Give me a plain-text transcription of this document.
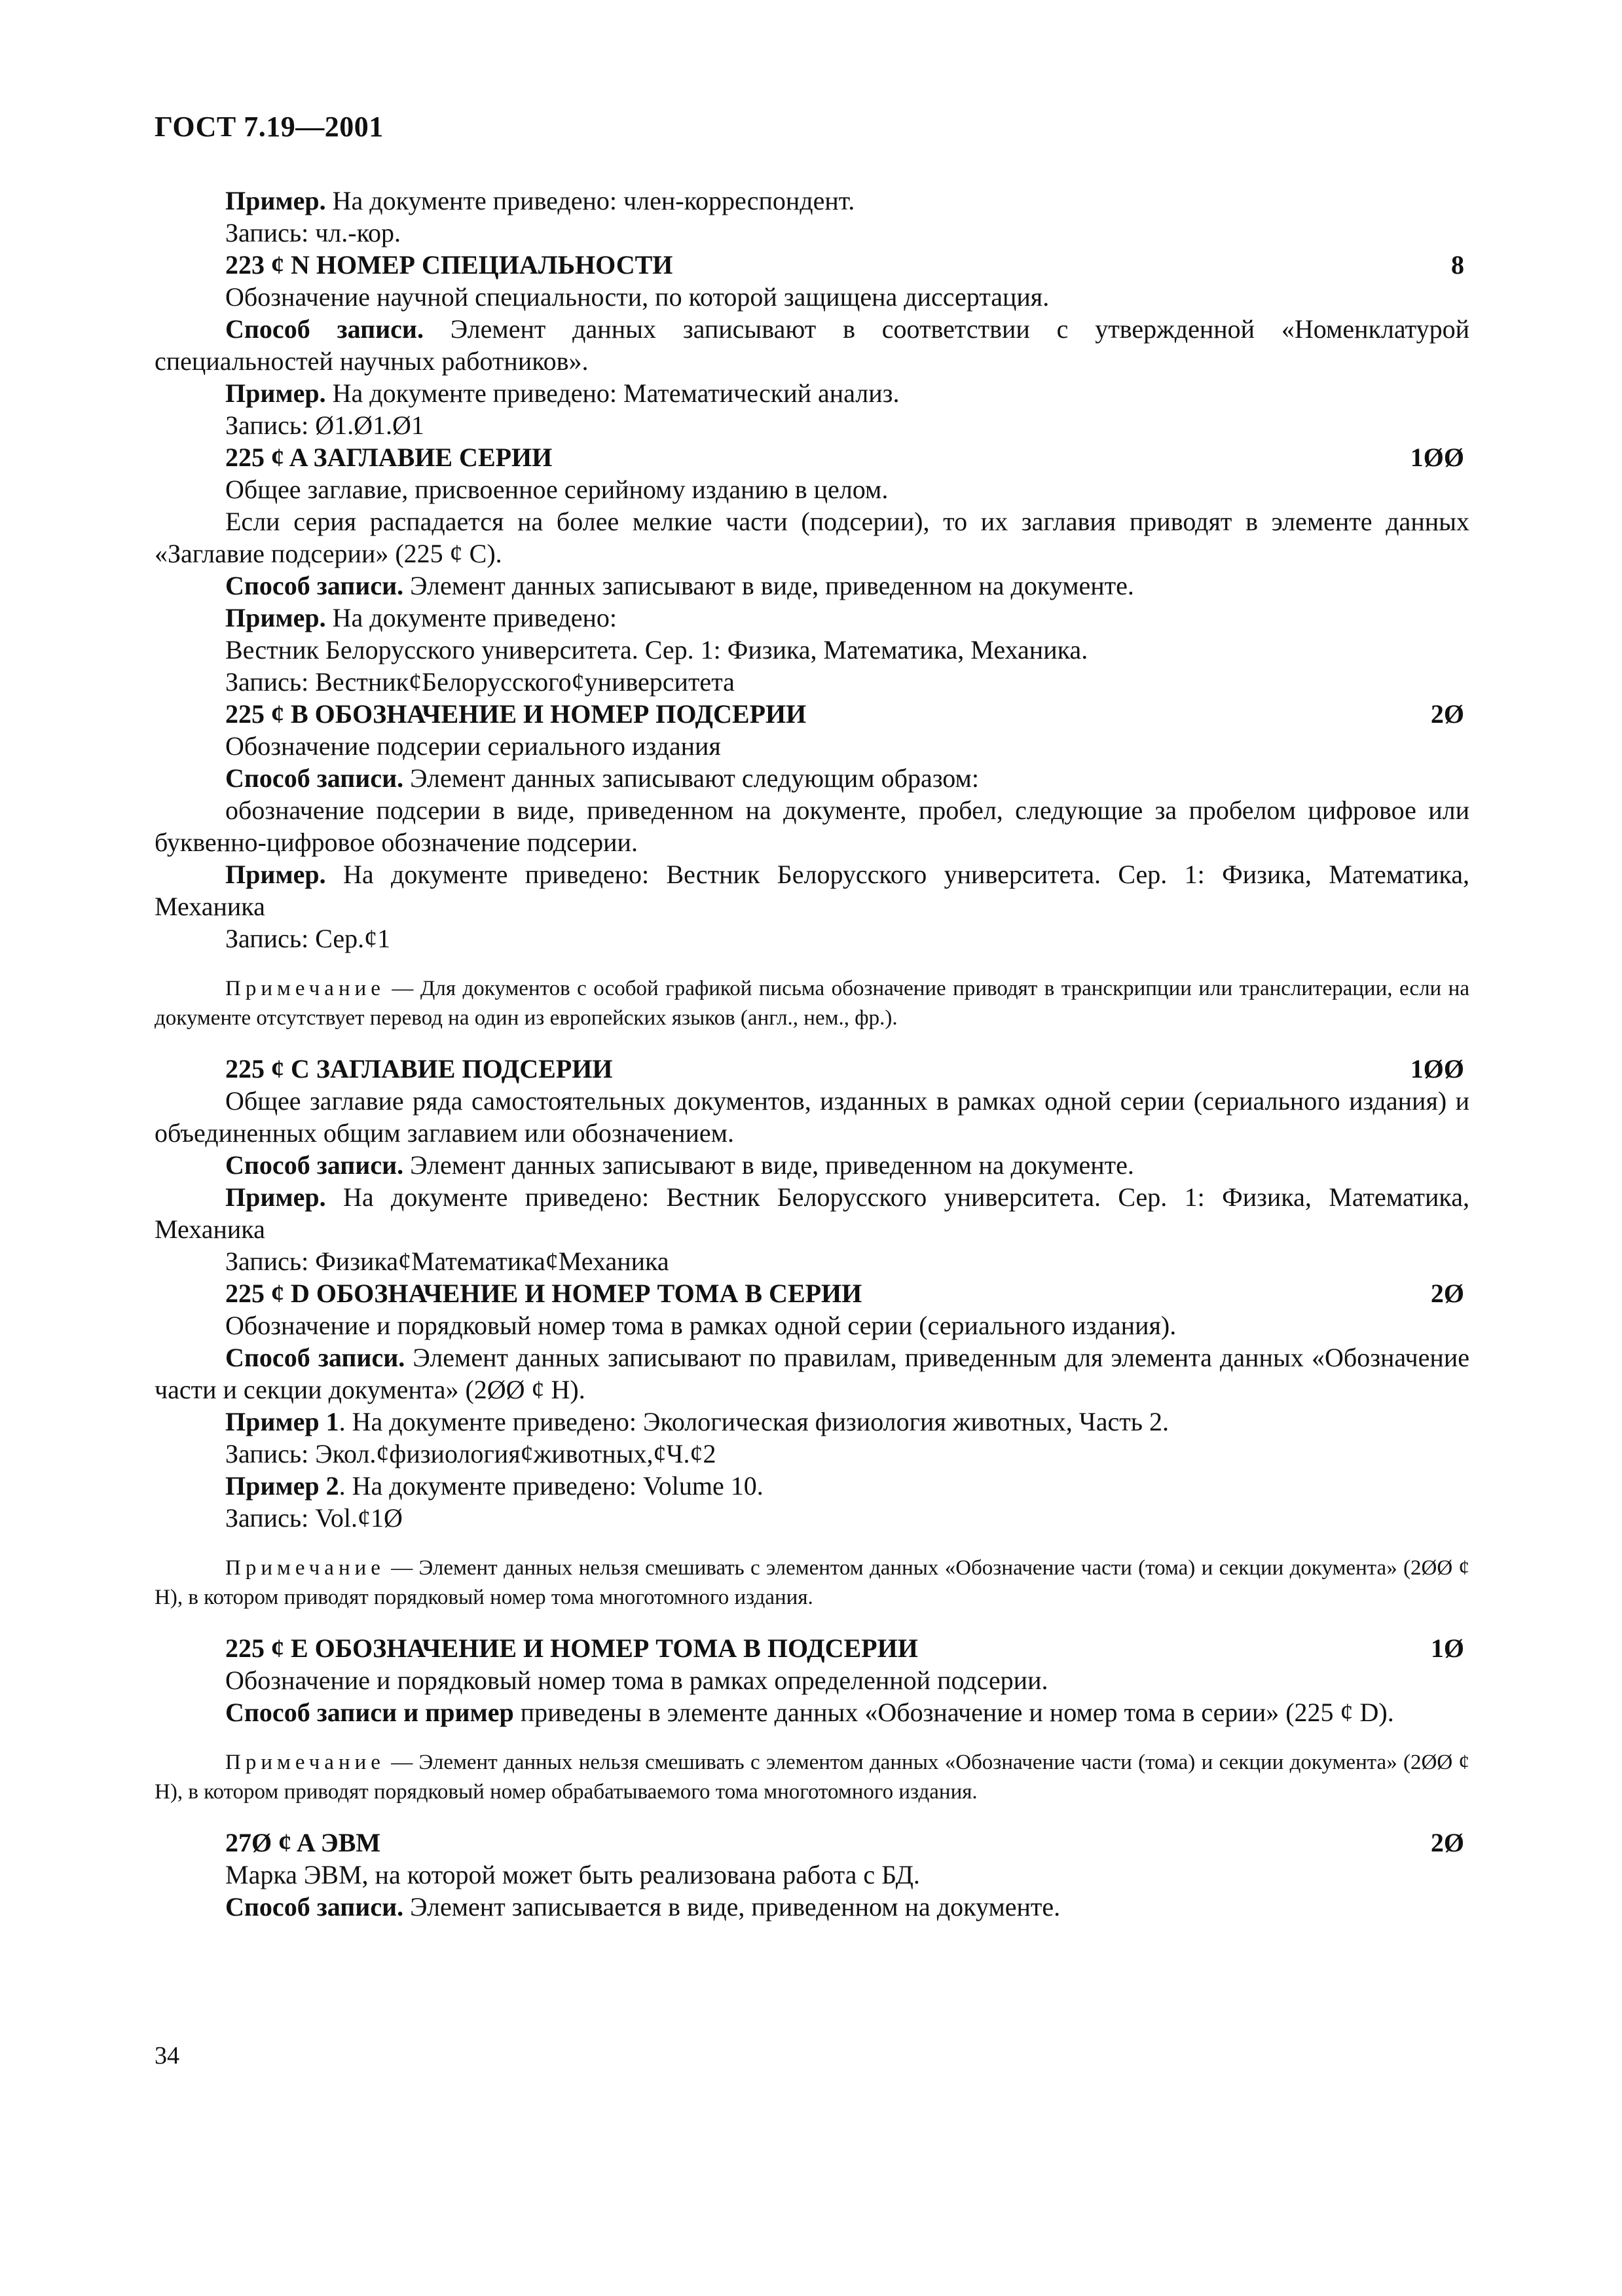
ГОСТ 7.19—2001

Пример. На документе приведено: член-корреспондент.

Запись: чл.-кор.

223 ȼ N НОМЕР СПЕЦИАЛЬНОСТИ	8

Обозначение научной специальности, по которой защищена диссертация.

Способ записи. Элемент данных записывают в соответствии с утвержденной «Номенклатурой специальностей научных работников».

Пример. На документе приведено: Математический анализ.

Запись: Ø1.Ø1.Ø1

225 ȼ A ЗАГЛАВИЕ СЕРИИ	1ØØ

Общее заглавие, присвоенное серийному изданию в целом.

Если серия распадается на более мелкие части (подсерии), то их заглавия приводят в элементе данных «Заглавие подсерии» (225 ȼ C).

Способ записи. Элемент данных записывают в виде, приведенном на документе.

Пример. На документе приведено:

Вестник Белорусского университета. Сер. 1: Физика, Математика, Механика.

Запись: ВестникȼБелорусскогоȼуниверситета

225 ȼ B ОБОЗНАЧЕНИЕ И НОМЕР ПОДСЕРИИ	2Ø

Обозначение подсерии сериального издания

Способ записи. Элемент данных записывают следующим образом:

обозначение подсерии в виде, приведенном на документе, пробел, следующие за пробелом цифровое или буквенно-цифровое обозначение подсерии.

Пример. На документе приведено: Вестник Белорусского университета. Сер. 1: Физика, Математика, Механика

Запись: Сер.ȼ1

Примечание — Для документов с особой графикой письма обозначение приводят в транскрипции или транслитерации, если на документе отсутствует перевод на один из европейских языков (англ., нем., фр.).

225 ȼ C ЗАГЛАВИЕ ПОДСЕРИИ	1ØØ

Общее заглавие ряда самостоятельных документов, изданных в рамках одной серии (сериального издания) и объединенных общим заглавием или обозначением.

Способ записи. Элемент данных записывают в виде, приведенном на документе.

Пример. На документе приведено: Вестник Белорусского университета. Сер. 1: Физика, Математика, Механика

Запись: ФизикаȼМатематикаȼМеханика

225 ȼ D ОБОЗНАЧЕНИЕ И НОМЕР ТОМА В СЕРИИ	2Ø

Обозначение и порядковый номер тома в рамках одной серии (сериального издания).

Способ записи. Элемент данных записывают по правилам, приведенным для элемента данных «Обозначение части и секции документа» (2ØØ ȼ H).

Пример 1. На документе приведено: Экологическая физиология животных, Часть 2.

Запись: Экол.ȼфизиологияȼживотных,ȼЧ.ȼ2

Пример 2. На документе приведено: Volume 10.

Запись: Vol.ȼ1Ø

Примечание — Элемент данных нельзя смешивать с элементом данных «Обозначение части (тома) и секции документа» (2ØØ ȼ H), в котором приводят порядковый номер тома многотомного издания.

225 ȼ E ОБОЗНАЧЕНИЕ И НОМЕР ТОМА В ПОДСЕРИИ	1Ø

Обозначение и порядковый номер тома в рамках определенной подсерии.

Способ записи и пример приведены в элементе данных «Обозначение и номер тома в серии» (225 ȼ D).

Примечание — Элемент данных нельзя смешивать с элементом данных «Обозначение части (тома) и секции документа» (2ØØ ȼ H), в котором приводят порядковый номер обрабатываемого тома многотомного издания.

27Ø ȼ A ЭВМ	2Ø

Марка ЭВМ, на которой может быть реализована работа с БД.

Способ записи. Элемент записывается в виде, приведенном на документе.

34
